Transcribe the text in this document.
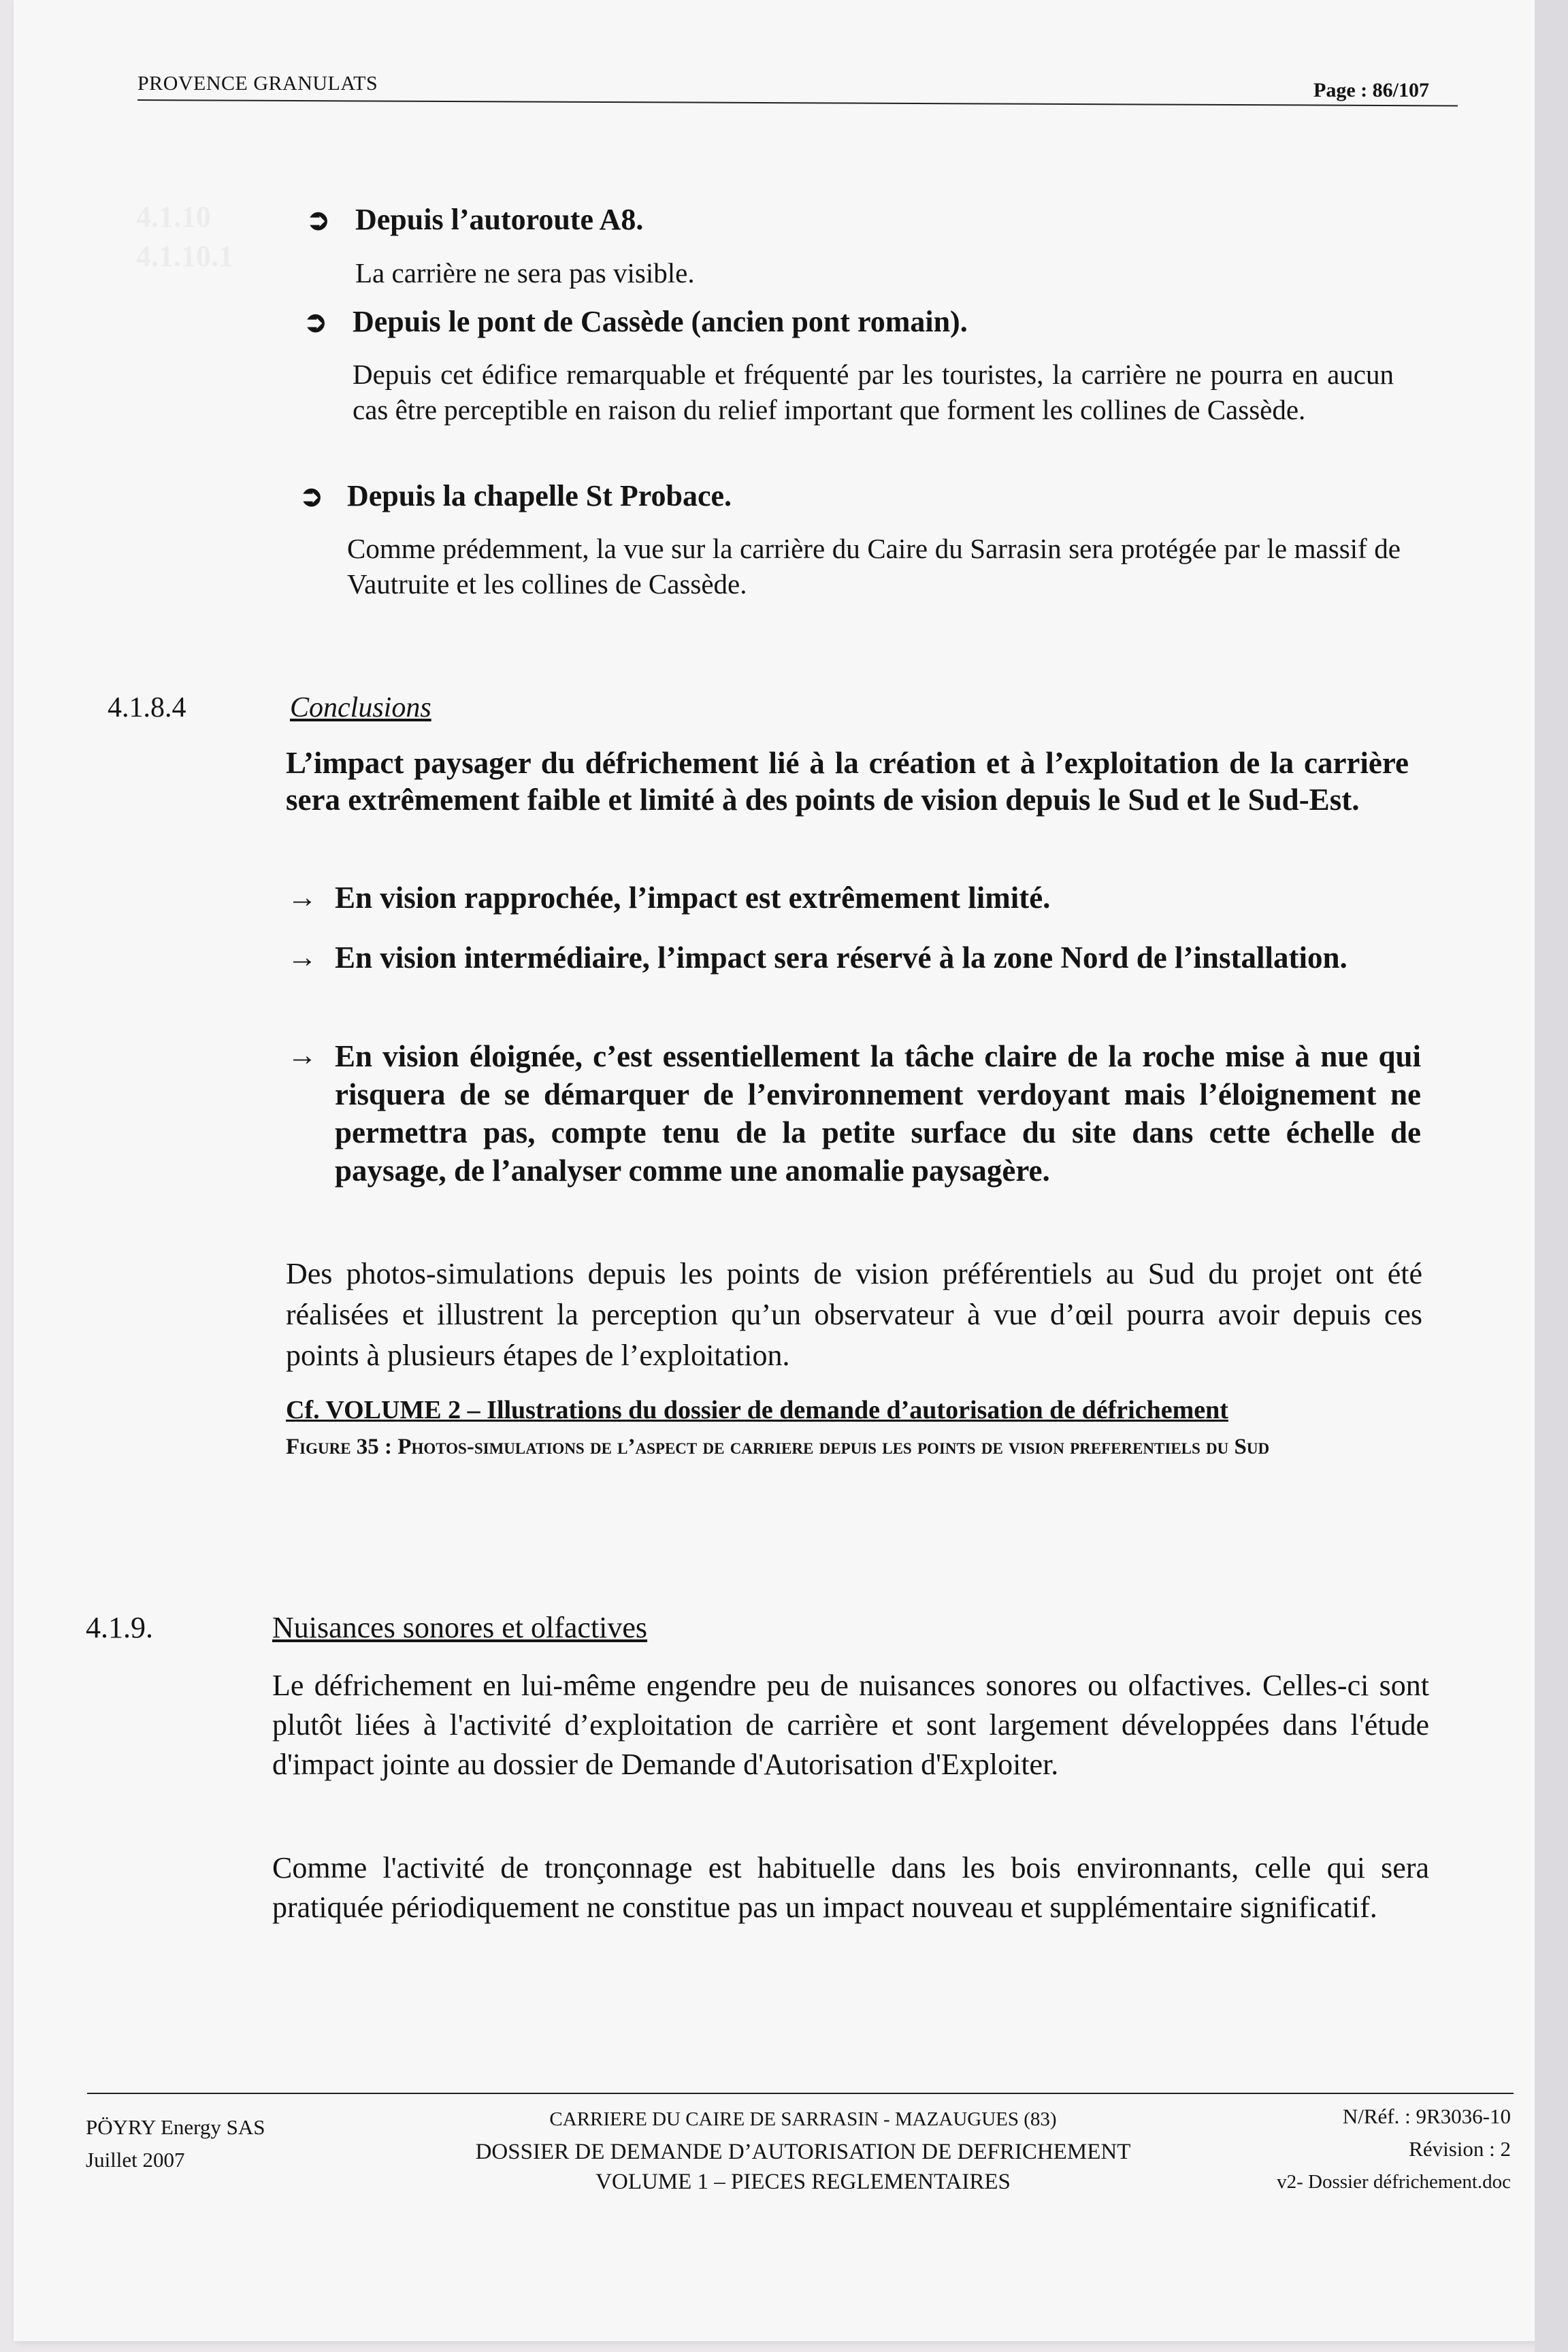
PROVENCE GRANULATS	Page : 86/107
➲ Depuis l’autoroute A8.
La carrière ne sera pas visible.
➲ Depuis le pont de Cassède (ancien pont romain).
Depuis cet édifice remarquable et fréquenté par les touristes, la carrière ne pourra en aucun cas être perceptible en raison du relief important que forment les collines de Cassède.
➲ Depuis la chapelle St Probace.
Comme prédemment, la vue sur la carrière du Caire du Sarrasin sera protégée par le massif de Vautruite et les collines de Cassède.
4.1.8.4	Conclusions
L’impact paysager du défrichement lié à la création et à l’exploitation de la carrière sera extrêmement faible et limité à des points de vision depuis le Sud et le Sud-Est.
→ En vision rapprochée, l’impact est extrêmement limité.
→ En vision intermédiaire, l’impact sera réservé à la zone Nord de l’installation.
→ En vision éloignée, c’est essentiellement la tâche claire de la roche mise à nue qui risquera de se démarquer de l’environnement verdoyant mais l’éloignement ne permettra pas, compte tenu de la petite surface du site dans cette échelle de paysage, de l’analyser comme une anomalie paysagère.
Des photos-simulations depuis les points de vision préférentiels au Sud du projet ont été réalisées et illustrent la perception qu’un observateur à vue d’œil pourra avoir depuis ces points à plusieurs étapes de l’exploitation.
Cf. VOLUME 2 – Illustrations du dossier de demande d’autorisation de défrichement
Figure 35 : Photos-simulations de l’aspect de carriere depuis les points de vision preferentiels du Sud
4.1.9.	Nuisances sonores et olfactives
Le défrichement en lui-même engendre peu de nuisances sonores ou olfactives. Celles-ci sont plutôt liées à l'activité d’exploitation de carrière et sont largement développées dans l'étude d'impact jointe au dossier de Demande d'Autorisation d'Exploiter.
Comme l'activité de tronçonnage est habituelle dans les bois environnants, celle qui sera pratiquée périodiquement ne constitue pas un impact nouveau et supplémentaire significatif.
PÖYRY Energy SAS
Juillet 2007
CARRIERE DU CAIRE DE SARRASIN - MAZAUGUES (83)
DOSSIER DE DEMANDE D’AUTORISATION DE DEFRICHEMENT
VOLUME 1 – PIECES REGLEMENTAIRES
N/Réf. : 9R3036-10
Révision : 2
v2- Dossier défrichement.doc
